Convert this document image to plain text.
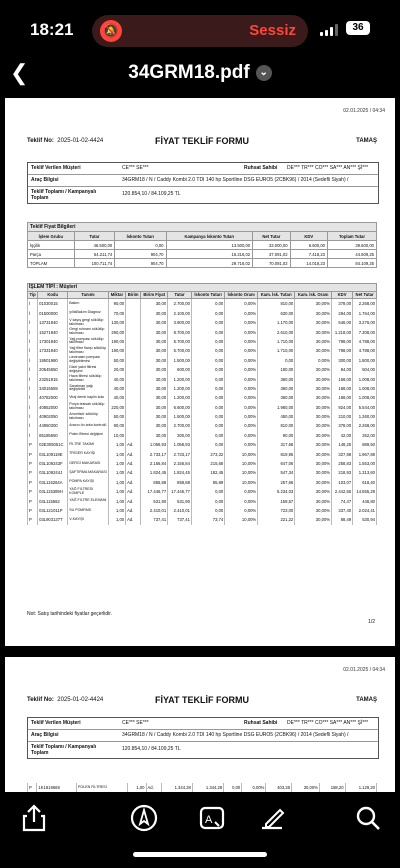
18:21 🔕	Sessiz	36
❮	34GRM18.pdf ⌄
02.01.2025 / 04:34
Teklif No: 2025-01-02-4424	FİYAT TEKLİF FORMU	TAMAŞ
Teklif Verilen Müşteri	CE*** SE***	Ruhsat Sahibi DE*** TR*** CO*** SA*** AN*** Şİ***
Araç Bilgisi	34GRM18 / N / Caddy Kombi 2.0 TDI 140 hp Sportline DSG EURO5 (2CBK96) / 2014 (Sedefli Siyah) /
Teklif Toplamı / Kampanyalı Toplam
120.854,10 / 84.109,25 TL
Teklif Fiyat Bilgileri						
İşlem Grubu	Tutar	İskonto Tutarı	Kampanya İskonto Tutarı	Net Tutar	KDV	Toplam Tutar
İşçilik	46.500,00	0,00	13.500,00	33.000,00	6.600,00	39.600,00
Parça	54.211,74	904,70	16.216,02	37.091,02	7.418,23	44.509,25
TOPLAM	100.711,74	904,70	29.716,02	70.091,02	14.018,23	84.109,25
İŞLEM TİPİ : Müşteri												
Tip	Kodu	Tanımı	Miktar	Birim	Birim Fiyat	Tutar	İskonto Tutarı	İskonto Oranı	Kam. İsk. Tutarı	Kam. İsk. Oranı	KDV	Net Tutar
İ	01030015	Bakım	90,00		30,00	2.700,00	0,00	0,00%	810,00	30,00%	378,00	2.268,00
İ	01500000	yıllıkBakım Diagnoz	70,00		30,00	2.100,00	0,00	0,00%	630,00	30,00%	294,00	1.764,00
İ	13731940	V kayış gergi sökülüp takılması	130,00		30,00	3.900,00	0,00	0,00%	1.170,00	30,00%	546,00	3.276,00
İ	15271940	Gergi rulmanı sökülüp takılması	290,00		30,00	8.700,00	0,00	0,00%	2.610,00	30,00%	1.218,00	7.308,00
İ	17301940	Yağ pompası sökülüp takılması	190,00		30,00	5.700,00	0,00	0,00%	1.710,00	30,00%	798,00	4.788,00
İ	17331940	Yağ filtre flanşı sökülüp takılması	190,00		30,00	5.700,00	0,00	0,00%	1.710,00	30,00%	798,00	4.788,00
İ	19501980	Devirdaim pompası değiştirilmesi	50,00		30,00	1.500,00	0,00	0,00%	0,00	0,00%	300,00	1.800,00
İ	20545550	Dizel yakıt filtresi değişimi	20,00		30,00	600,00	0,00	0,00%	180,00	30,00%	84,00	504,00
İ	23251915	Hava filtresi sökülüp takılması	40,00		30,00	1.200,00	0,00	0,00%	360,00	30,00%	168,00	1.008,00
İ	34015559	Sanziman yağı değiştirildi	40,00		30,00	1.200,00	0,00	0,00%	360,00	30,00%	168,00	1.008,00
İ	40782000	Viraj demir kaplin kolu	40,00		30,00	1.200,00	0,00	0,00%	360,00	30,00%	168,00	1.008,00
İ	40852000	Porya tesisatı sökülüp takılması	220,00		30,00	6.600,00	0,00	0,00%	1.980,00	30,00%	924,00	5.544,00
İ	40902050	Amortisör sökülüp takılması	50,00		30,00	1.500,00	0,00	0,00%	450,00	30,00%	210,00	1.260,00
İ	44950300	Aracın ön arka kontrolü	90,00		30,00	2.700,00	0,00	0,00%	810,00	30,00%	378,00	2.268,00
İ	85185550	Polen filtresi değişimi	10,00		30,00	300,00	0,00	0,00%	90,00	30,00%	42,00	252,00
P	02E305051C	FİLTRE TAKIMI	1,00	Ad.	1.058,93	1.058,93	0,00	0,00%	317,68	30,00%	148,25	889,50
P	03L109119E	TRİGER KAYIŞI	1,00	Ad.	2.733,17	2.733,17	273,32	10,00%	819,95	30,00%	327,98	1.967,88
P	03L109243F	GERGİ MAKARASI	1,00	Ad.	2.156,84	2.156,84	215,68	10,00%	647,06	30,00%	258,83	1.553,00
P	03L109244J	ŞAFTIRMA MAKARASI	1,00	Ad.	1.824,45	1.824,45	182,45	10,00%	547,34	30,00%	218,93	1.313,60
P	03L115264A	POMPA KAYIŞI	1,00	Ad.	858,88	858,88	85,89	10,00%	257,66	30,00%	103,07	618,40
P	03L115389H	YAĞ FİLTRESİ KOMPLE	1,00	Ad.	17.446,77	17.446,77	0,00	0,00%	5.234,03	30,00%	2.442,55	14.655,29
P	03L115562	YAĞ FİLTRE ELEMANI	1,00	Ad.	531,90	531,90	0,00	0,00%	159,57	30,00%	74,47	446,80
P	03L121011P	SU POMPASI	1,00	Ad.	2.410,01	2.410,01	0,00	0,00%	723,00	30,00%	337,40	2.024,41
P	03L903137T	V-KAYIŞI	1,00	Ad.	737,41	737,41	73,74	10,00%	221,22	30,00%	88,49	530,94
Not: Satış tarihindeki fiyatlar geçerlidir.
1/2
02.01.2025 / 04:34
Teklif No: 2025-01-02-4424	FİYAT TEKLİF FORMU	TAMAŞ
Teklif Verilen Müşteri	CE*** SE***	Ruhsat Sahibi DE*** TR*** CO*** SA*** AN*** Şİ***
Araç Bilgisi	34GRM18 / N / Caddy Kombi 2.0 TDI 140 hp Sportline DSG EURO5 (2CBK96) / 2014 (Sedefli Siyah) /
Teklif Toplamı / Kampanyalı Toplam
120.854,10 / 84.109,25 TL
P	1K1819669	POLEN FİLTRESİ	1,00	Ad.	1.344,28	1.344,28	0,00	0,00%	403,28	30,00%	188,20	1.129,20
A
